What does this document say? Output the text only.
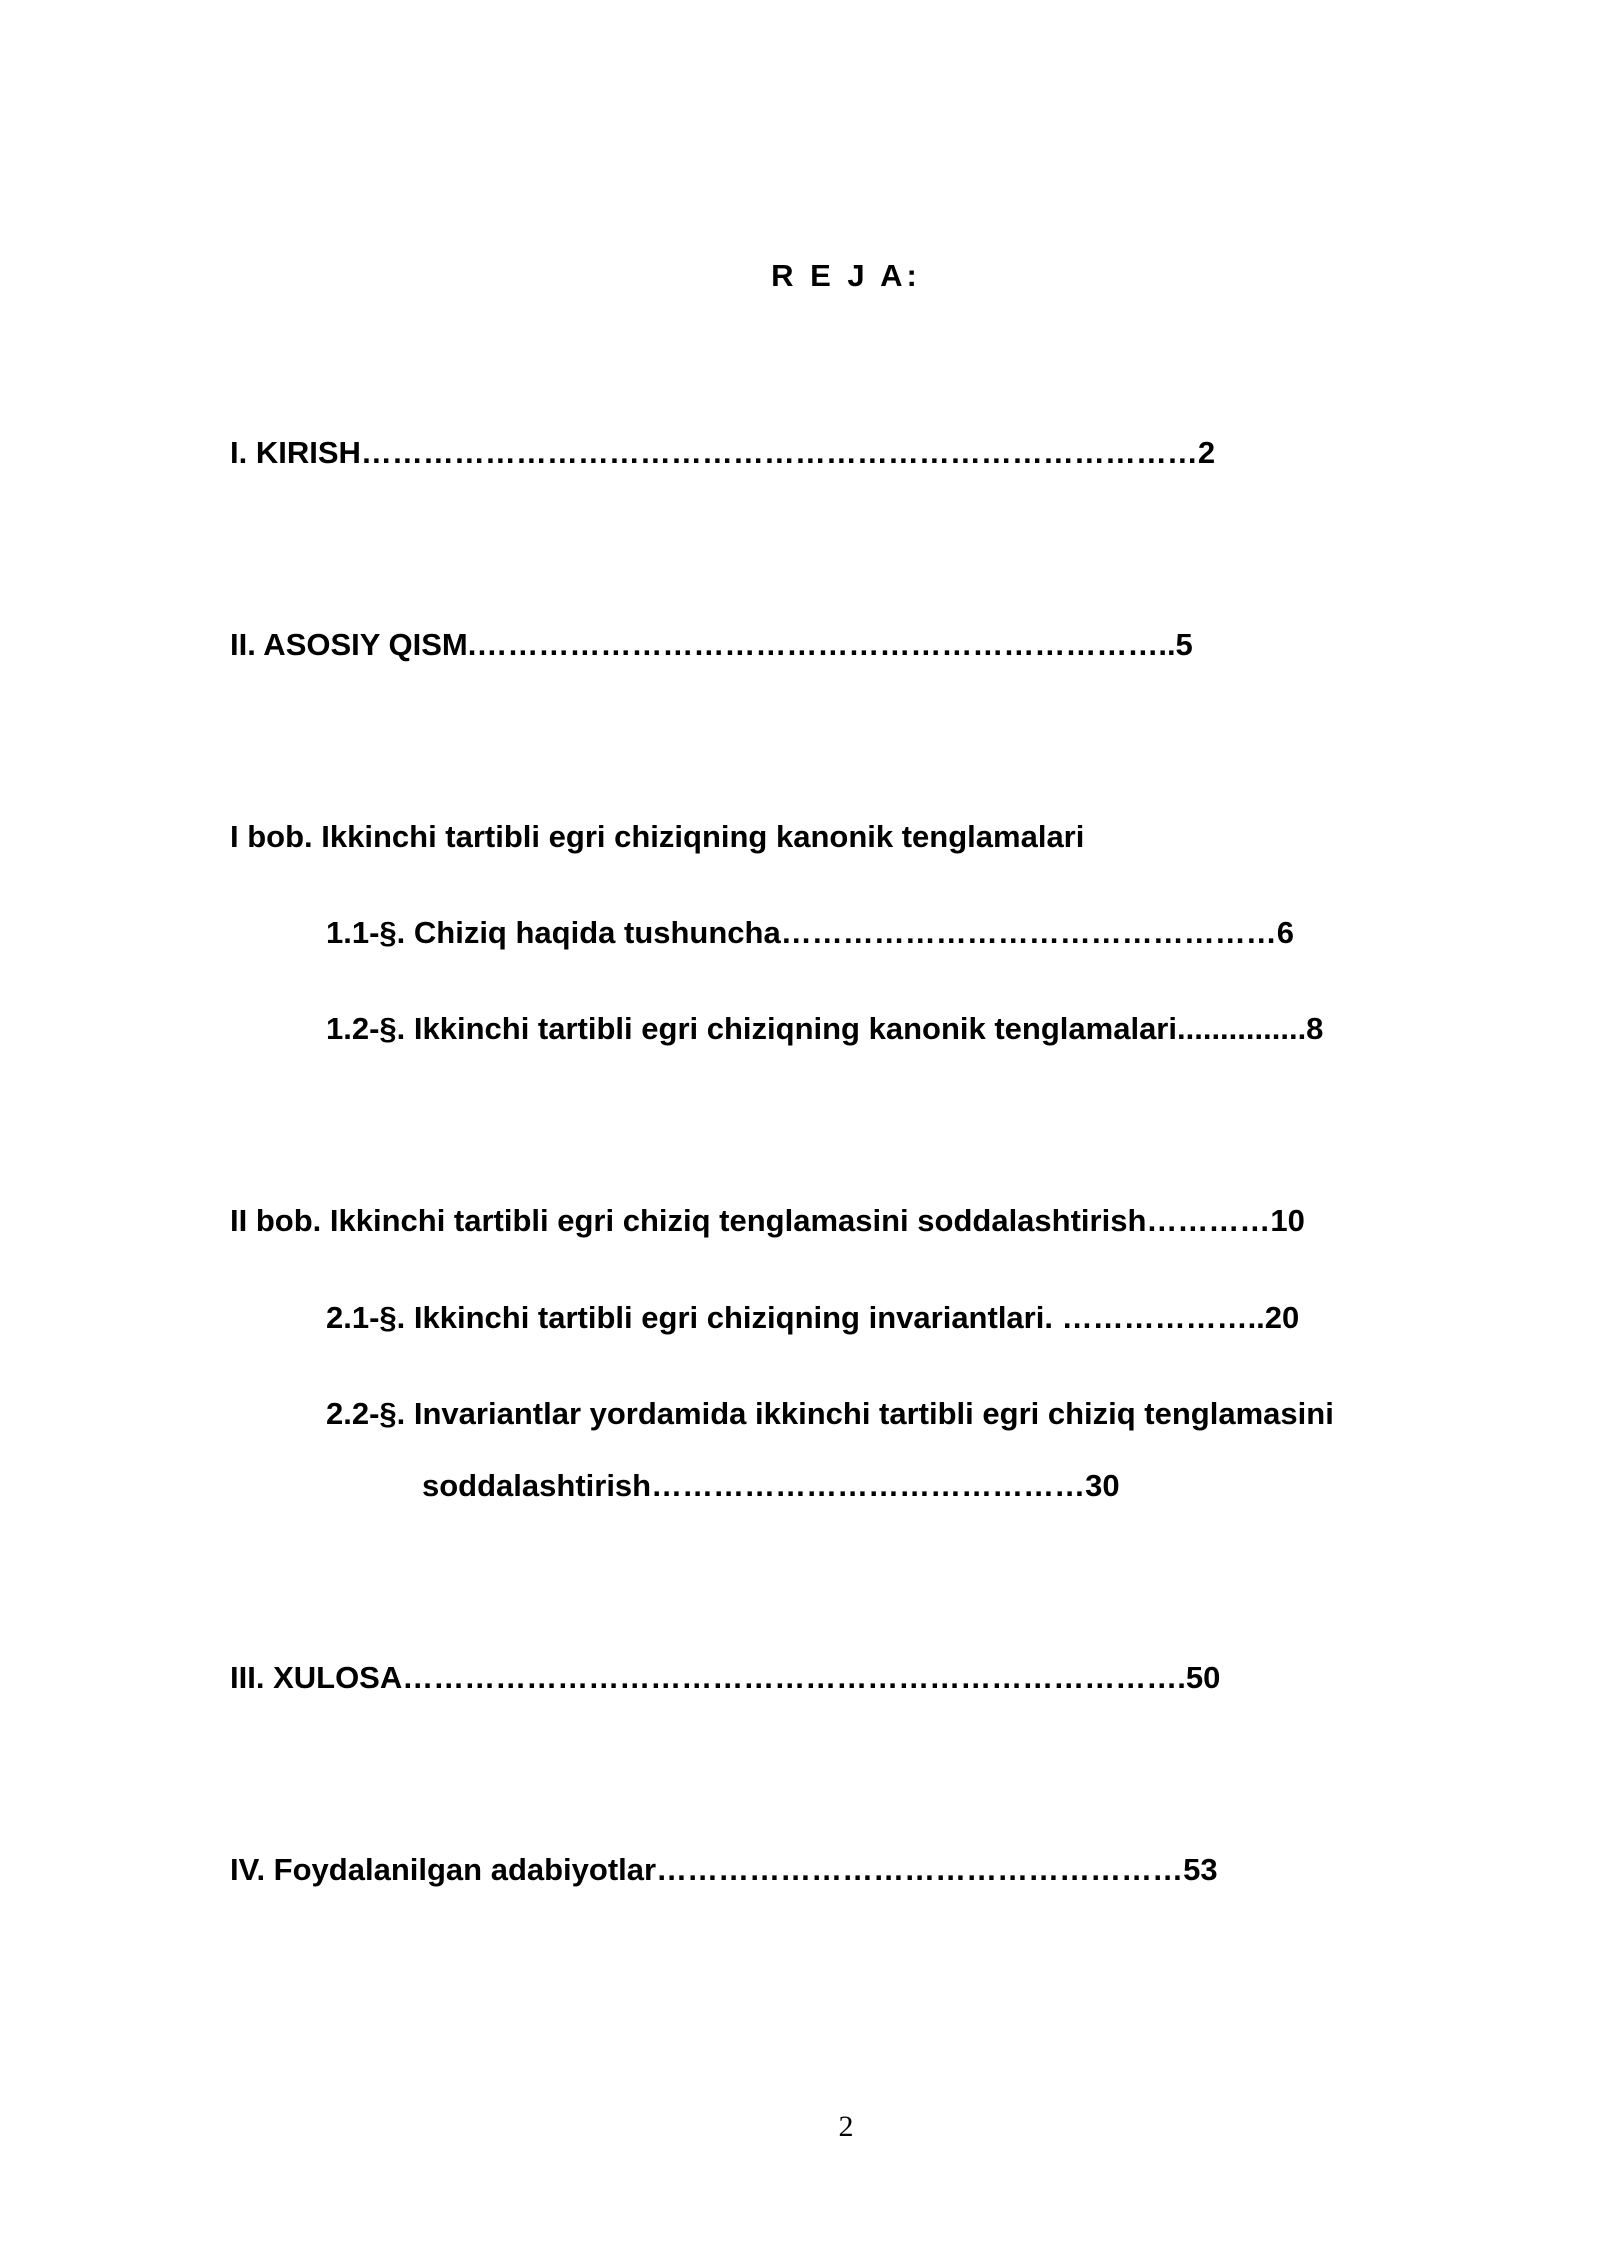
R E J A:
I. KIRISH………………………………………………………………………2
II. ASOSIY QISM.…………………………………………………………..5
I bob. Ikkinchi tartibli egri chiziqning kanonik tenglamalari
1.1-§. Chiziq haqida tushuncha…………………………………………6
1.2-§. Ikkinchi tartibli egri chiziqning kanonik tenglamalari...............8
II bob. Ikkinchi tartibli egri chiziq tenglamasini soddalashtirish…………10
2.1-§. Ikkinchi tartibli egri chiziqning invariantlari. ………………..20
2.2-§. Invariantlar yordamida ikkinchi tartibli egri chiziq tenglamasini
soddalashtirish……………………………………30
III. XULOSA………………………………………………………………….50
IV. Foydalanilgan adabiyotlar……………………………………………53
2
